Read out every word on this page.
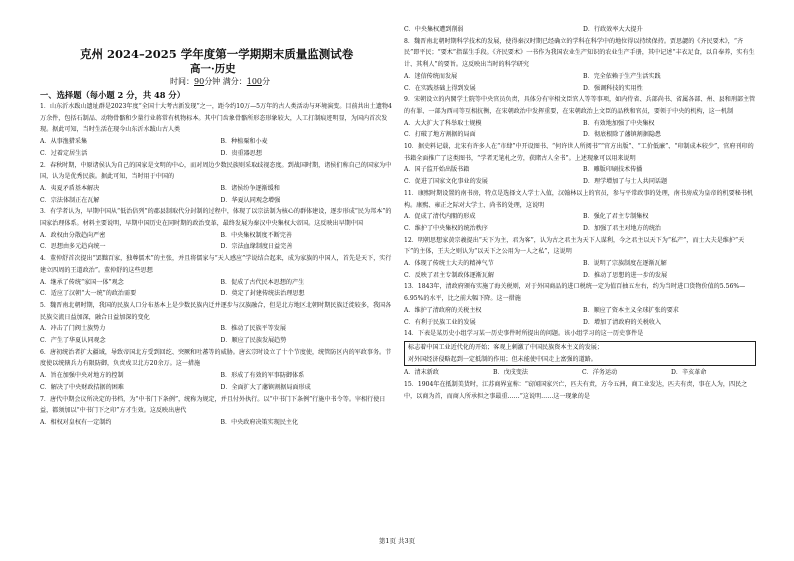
克州 2024–2025 学年度第一学期期末质量监测试卷
高一·历史
时间：90分钟 满分：100分
一、选择题（每小题 2 分，共 48 分）
1．山东沂水跋山遗址群是2023年度“全国十大考古新发现”之一，距今约10万—5万年的古人类活动与环境演变。目前共出土遗物4万余件，包括石制品、动物骨骼和少量行业蒋常有机物标本。其中门齿象骨骼所形态形象较大，人工打制痕迹明显，为国内首次发现。据此可知，当时生活在现今山东沂水跋山古人类
A．从事渔猎采集	B．种植粟和小麦
C．过着定居生活	D．贵重器思想
2．春秋时期，中原诸侯认为自己的国家是文明的中心，而对周边少数民族则采取歧视态度。到战国时期，诸侯们称自己的国家为中国，认为是优秀民族。据此可知，当时用于中国的
A．夷夏矛盾基本解决	B．诸侯纷争逐渐缓和
C．宗法体制正在瓦解	D．华夏认同观念增强
3．有学者认为，早期中国从“低治倍列”的郡县制取代分封制的过程中，体现了以宗法制为核心的群体建设，逐步形成“民为邦本”的国家治理体系。材料主要说明，早期中国历史在同时期的政治变革，最终发展为秦汉中央集权大帝国。这反映出早期中国
A．政权由分散趋向严密	B．中央集权制度不断完善
C．思想由多元趋向统一	D．宗法血缘制度日益完善
4．董仲舒首次提出“罢黜百家，独尊儒术”的主张，并且将儒家与“天人感应”学说结合起来，成为家族的中国人，首先是天下，实行建立四周的王道政治”。董仲舒的这些思想
A．继承了传统“家国一体”观念	B．促成了古代民本思想的产生
C．适应了汉朝“大一统”的政治需要	D．奠定了封建传统法治理思想
5．魏晋南北朝时期，我国的民族人口分布基本上是少数民族内迁并逐步与汉族融合，但是北方地区北朝时期民族迁徙较多，我国各民族交流日益加深，融合日益加深的变化
A．冲击了门阀士族势力	B．推动了民族平等发展
C．产生了华夏认同观念	D．顺应了民族发展趋势
6．唐初统治者扩大疆域，导致帝国北方受到回纥、突厥和吐蕃等的威胁。唐玄宗时设立了十个节度使，统管防区内的军政事务。节度使以统辖兵力有限防御，负责戍卫北方20余万。这一措施
A．旨在加强中央对地方的控制	B．形成了有效的军事防御体系
C．解决了中央财政拮据的困难	D．全面扩大了藩镇割据局面形成
7．唐代中期会议所决定的书档，为“中书门下条例”，统称为规定，并且付外执行。以“中书门下条例”行施中书令等。宰相行使日益，都须加以“中书门下之印”方才生效。这反映出唐代
A．相权对皇权有一定制约	B．中央政府决策实现民主化
C．中央集权遭到削弱	D．行政效率大大提升
8．魏晋南北朝时期科学技术的发展，使得秦汉时期已经确立的学科在科学中的地位得以持续保持。贾思勰的《齐民要术》，“齐民”即平民；“要术”指谋生手段。《齐民要术》一书作为我国农业生产知识的农业生产手册，其中记述“丰衣足食，以自奉养，实有生计、其利人”的要旨。这反映出当时的科学研究
A．迷信传统而发展	B．完全依赖于生产生活实践
C．在实践基础上得到发展	D．强调科技的实用性
9．宋朝设立的内閣学士院等中央官员负责，具体分有宰相文臣官人等等事项，如内侍省、兵部尚书、省属各部、州、县和刑部主管的有罪、一部为西司等互相抗衡，在宋朝政治中发挥重要，在宋朝政治上文臣的品秩和官员，要领于中央的机构，这一机制
A．大大扩大了科举取士规模	B．有效地加强了中央集权
C．打破了地方割据的局面	D．彻底根除了藩镇割据隐患
10．据史料记载，北宋有许多人在“市肆”中开设图书、“何许世人所阅书”“官方出版”、“工价低廉”、“印制成本较少”，官府刊印的书籍全面推广了这类图书，“学者无笔札之劳，获睹古人全书”。上述现象可以用来说明
A．国子监开始出版书籍	B．雕版印刷技术传播
C．促进了国家文化事业的发展	D．理学增加了与士人共同话题
11．康熙时期设置的南书房，特点是选择文人学士入值，汉翰林以上的官员，参与平常政事的处理，南书房成为皇帝的机要秘书机构。康熙、雍正之际对大学士、尚书的处理，这说明
A．促成了清代内閣的形成	B．强化了君主专制集权
C．维护了中央集权的统治秩序	D．加强了君主对地方的统治
12．明朝思想家黄宗羲提出“天下为主，君为客”，认为古之君主为天下人谋利，今之君主以天下为“私产”，而士大夫是维护“天下”的主体，王夫之则认为“以天下之公用为一人之私”，这说明
A．体现了传统士大夫的精神气节	B．说明了宗族制度在逐渐瓦解
C．反映了君主专制政体逐渐瓦解	D．推动了思想的进一步的发展
13．1843年，清政府颁布实施了海关税则，对于外国商品的进口税统一定为值百抽五左右，约为当时进口货物价值的5.56%—6.95%的水平，比之前大幅下降。这一措施
A．维护了清政府的关税主权	B．顺应了资本主义全球扩张的要求
C．有利于民族工业的发展	D．增加了清政府的关税收入
14．下表是某历史小组学习某一历史事件时所提出的问题。该小组学习的这一历史事件是
标志着中国工业近代化的开始；客观上刺激了中国民族资本主义的发展；
对外国经济侵略起到一定抵制的作用；但未能使中国走上富强的道路。
A．清末新政	B．戊戌变法	C．洋务运动	D．辛亥革命
15．1904年在抵制美货时，江苏商界宣称：“窃闻国家兴亡，匹夫有责，方今五洲，商工业发达，匹夫有责，事在人为，四民之中，以商为首，而商人所承担之事最重……”这说明……这一现象的是
第1页 共3页
